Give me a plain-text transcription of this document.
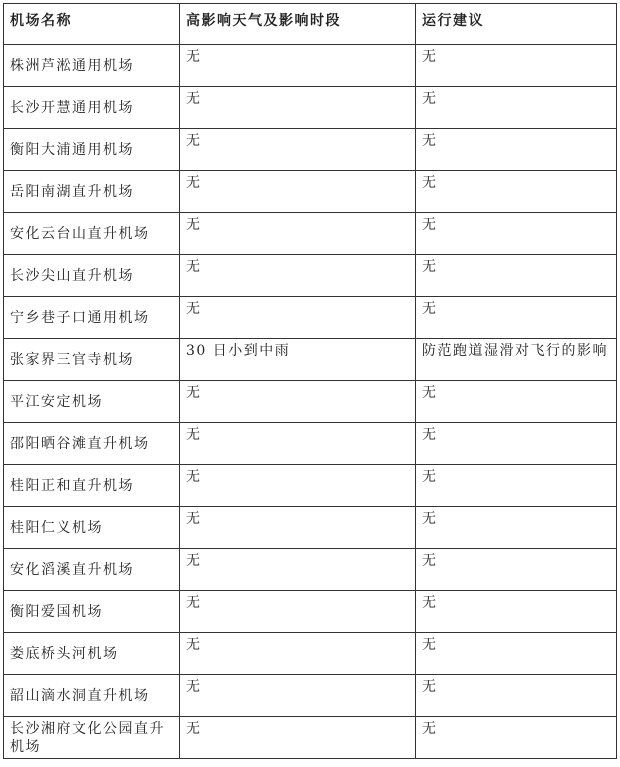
机场名称	高影响天气及影响时段	运行建议
株洲芦淞通用机场	无	无
长沙开慧通用机场	无	无
衡阳大浦通用机场	无	无
岳阳南湖直升机场	无	无
安化云台山直升机场	无	无
长沙尖山直升机场	无	无
宁乡巷子口通用机场	无	无
张家界三官寺机场	30 日小到中雨	防范跑道湿滑对飞行的影响
平江安定机场	无	无
邵阳晒谷滩直升机场	无	无
桂阳正和直升机场	无	无
桂阳仁义机场	无	无
安化滔溪直升机场	无	无
衡阳爱国机场	无	无
娄底桥头河机场	无	无
韶山滴水洞直升机场	无	无
长沙湘府文化公园直升机场	无	无
